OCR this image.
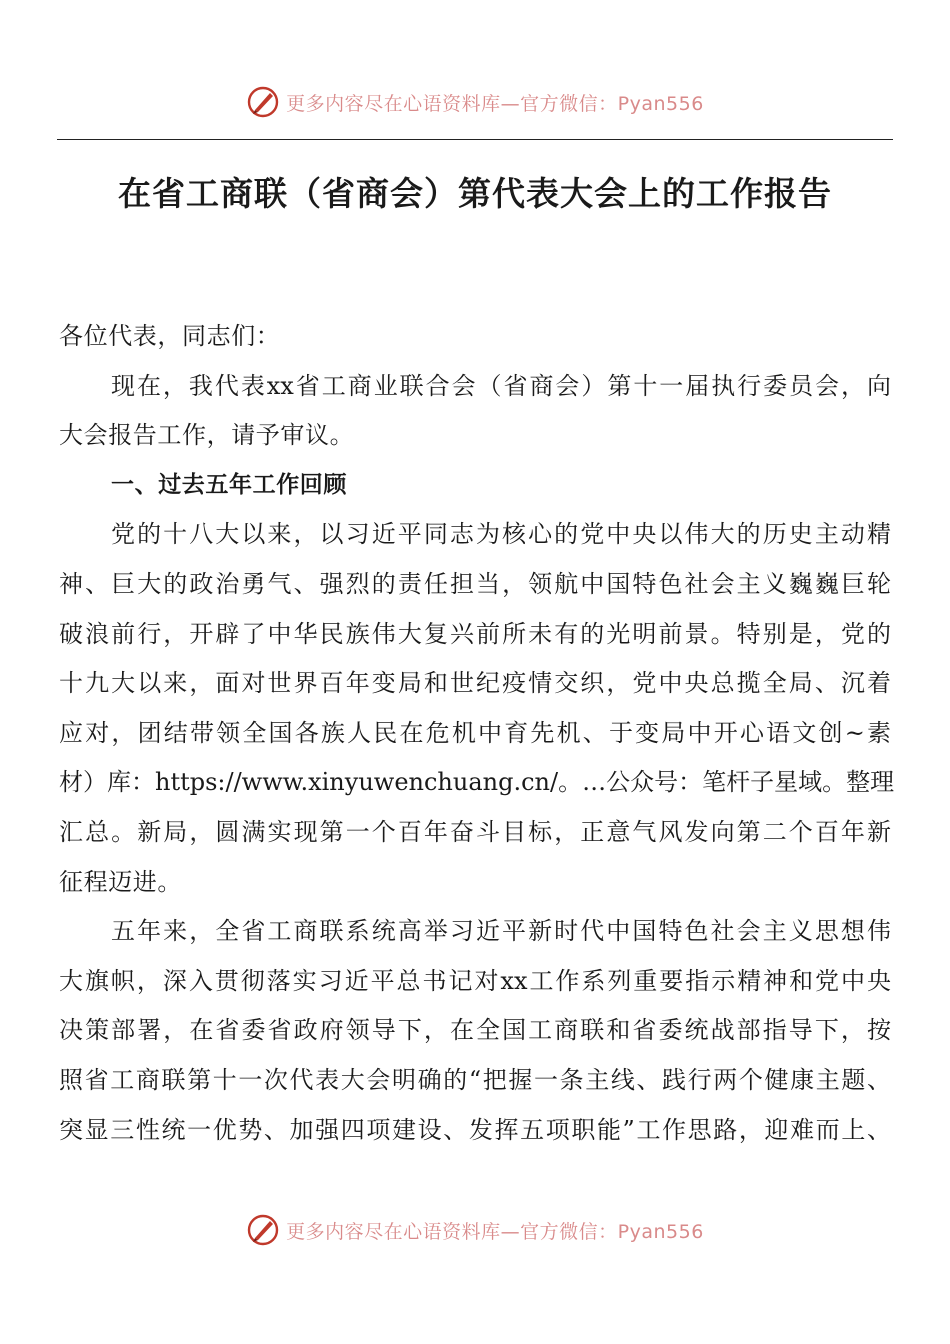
更多内容尽在心语资料库—官方微信：Pyan556
在省工商联（省商会）第代表大会上的工作报告
各位代表，同志们：
现在，我代表xx省工商业联合会（省商会）第十一届执行委员会，向
大会报告工作，请予审议。
一、过去五年工作回顾
党的十八大以来，以习近平同志为核心的党中央以伟大的历史主动精
神、巨大的政治勇气、强烈的责任担当，领航中国特色社会主义巍巍巨轮
破浪前行，开辟了中华民族伟大复兴前所未有的光明前景。特别是，党的
十九大以来，面对世界百年变局和世纪疫情交织，党中央总揽全局、沉着
应对，团结带领全国各族人民在危机中育先机、于变局中开心语文创~素
材）库：https://www.xinyuwenchuang.cn/。…公众号：笔杆子星域。整理
汇总。新局，圆满实现第一个百年奋斗目标，正意气风发向第二个百年新
征程迈进。
五年来，全省工商联系统高举习近平新时代中国特色社会主义思想伟
大旗帜，深入贯彻落实习近平总书记对xx工作系列重要指示精神和党中央
决策部署，在省委省政府领导下，在全国工商联和省委统战部指导下，按
照省工商联第十一次代表大会明确的“把握一条主线、践行两个健康主题、
突显三性统一优势、加强四项建设、发挥五项职能”工作思路，迎难而上、
更多内容尽在心语资料库—官方微信：Pyan556
